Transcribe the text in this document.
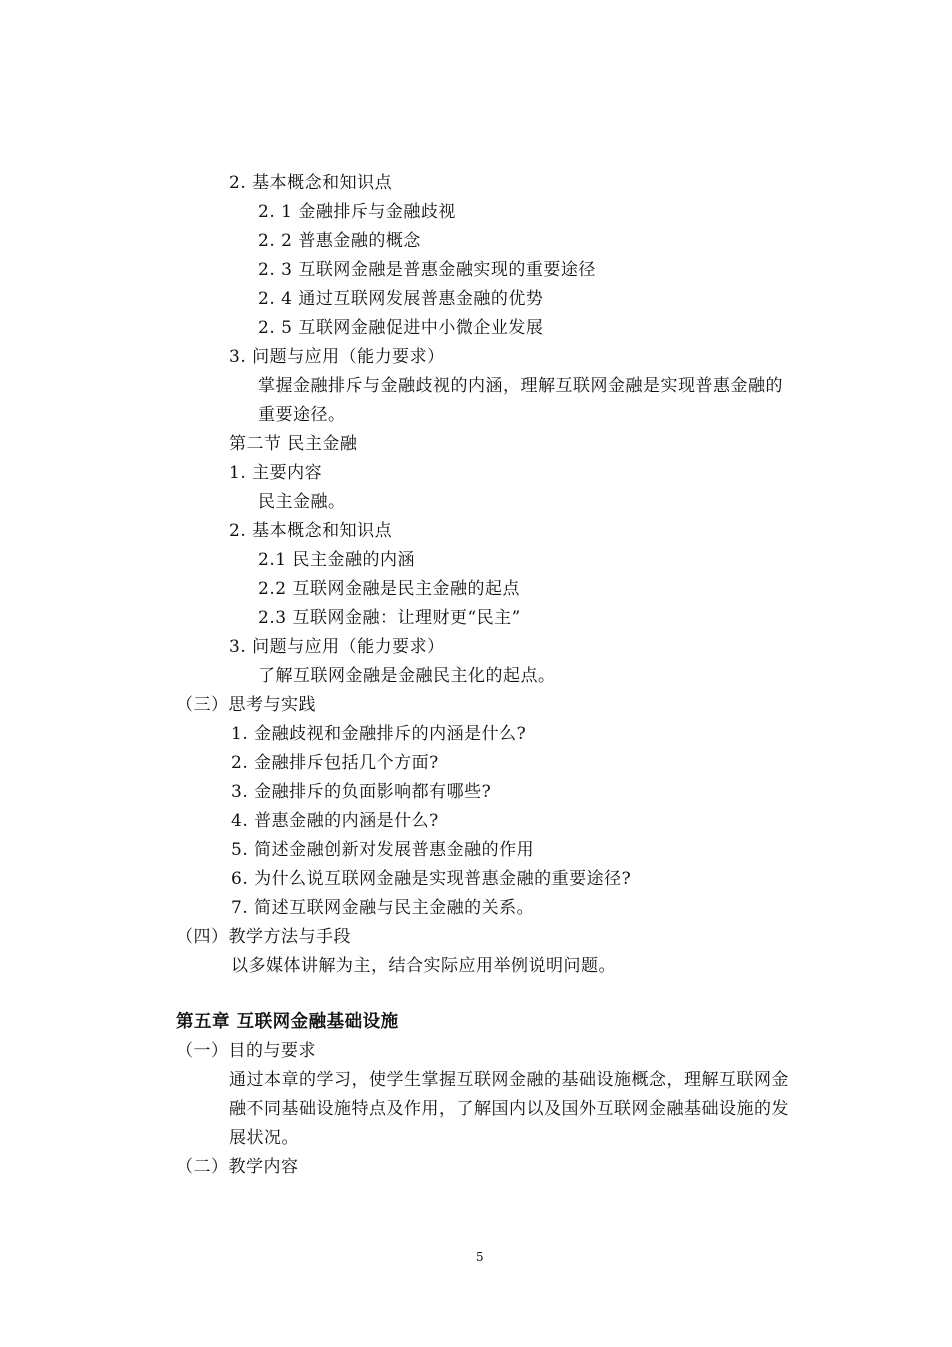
2. 基本概念和知识点
2. 1 金融排斥与金融歧视
2. 2 普惠金融的概念
2. 3 互联网金融是普惠金融实现的重要途径
2. 4 通过互联网发展普惠金融的优势
2. 5 互联网金融促进中小微企业发展
3. 问题与应用（能力要求）
掌握金融排斥与金融歧视的内涵，理解互联网金融是实现普惠金融的
重要途径。
第二节 民主金融
1. 主要内容
民主金融。
2. 基本概念和知识点
2.1 民主金融的内涵
2.2 互联网金融是民主金融的起点
2.3 互联网金融：让理财更“民主”
3. 问题与应用（能力要求）
了解互联网金融是金融民主化的起点。
（三）思考与实践
1. 金融歧视和金融排斥的内涵是什么?
2. 金融排斥包括几个方面?
3. 金融排斥的负面影响都有哪些?
4. 普惠金融的内涵是什么?
5. 简述金融创新对发展普惠金融的作用
6. 为什么说互联网金融是实现普惠金融的重要途径?
7. 简述互联网金融与民主金融的关系。
（四）教学方法与手段
以多媒体讲解为主，结合实际应用举例说明问题。
第五章 互联网金融基础设施
（一）目的与要求
通过本章的学习，使学生掌握互联网金融的基础设施概念，理解互联网金
融不同基础设施特点及作用，了解国内以及国外互联网金融基础设施的发
展状况。
（二）教学内容
5
